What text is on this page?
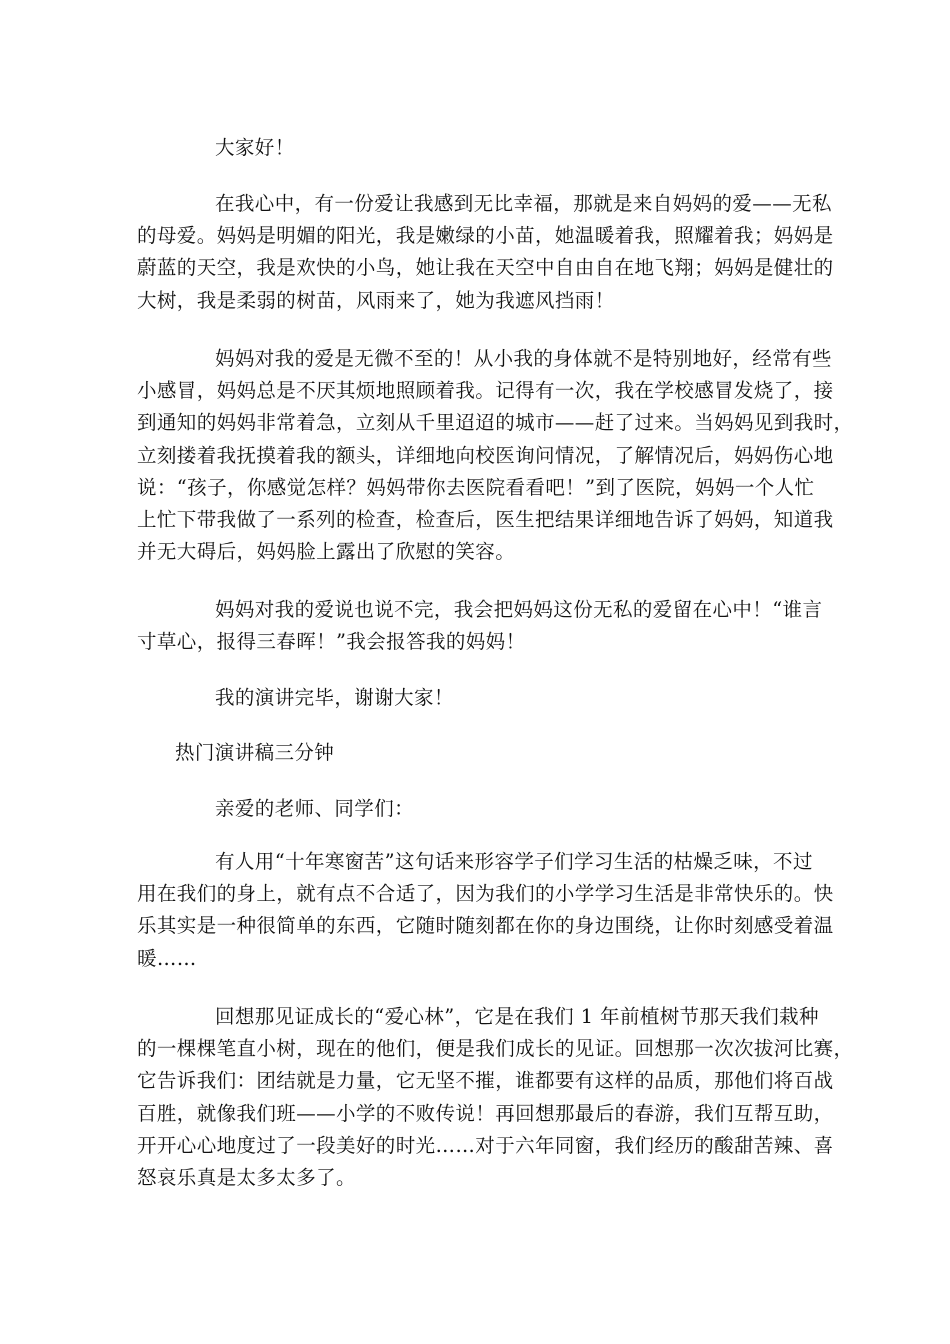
大家好！

在我心中，有一份爱让我感到无比幸福，那就是来自妈妈的爱——无私
的母爱。妈妈是明媚的阳光，我是嫩绿的小苗，她温暖着我，照耀着我；妈妈是
蔚蓝的天空，我是欢快的小鸟，她让我在天空中自由自在地飞翔；妈妈是健壮的
大树，我是柔弱的树苗，风雨来了，她为我遮风挡雨！

妈妈对我的爱是无微不至的！从小我的身体就不是特别地好，经常有些
小感冒，妈妈总是不厌其烦地照顾着我。记得有一次，我在学校感冒发烧了，接
到通知的妈妈非常着急，立刻从千里迢迢的城市——赶了过来。当妈妈见到我时，
立刻搂着我抚摸着我的额头，详细地向校医询问情况，了解情况后，妈妈伤心地
说：“孩子，你感觉怎样？妈妈带你去医院看看吧！”到了医院，妈妈一个人忙
上忙下带我做了一系列的检查，检查后，医生把结果详细地告诉了妈妈，知道我
并无大碍后，妈妈脸上露出了欣慰的笑容。

妈妈对我的爱说也说不完，我会把妈妈这份无私的爱留在心中！“谁言
寸草心，报得三春晖！”我会报答我的妈妈！

我的演讲完毕，谢谢大家！

热门演讲稿三分钟

亲爱的老师、同学们：

有人用“十年寒窗苦”这句话来形容学子们学习生活的枯燥乏味，不过
用在我们的身上，就有点不合适了，因为我们的小学学习生活是非常快乐的。快
乐其实是一种很简单的东西，它随时随刻都在你的身边围绕，让你时刻感受着温
暖……

回想那见证成长的“爱心林”，它是在我们 1 年前植树节那天我们栽种
的一棵棵笔直小树，现在的他们，便是我们成长的见证。回想那一次次拔河比赛，
它告诉我们：团结就是力量，它无坚不摧，谁都要有这样的品质，那他们将百战
百胜，就像我们班——小学的不败传说！再回想那最后的春游，我们互帮互助，
开开心心地度过了一段美好的时光……对于六年同窗，我们经历的酸甜苦辣、喜
怒哀乐真是太多太多了。
